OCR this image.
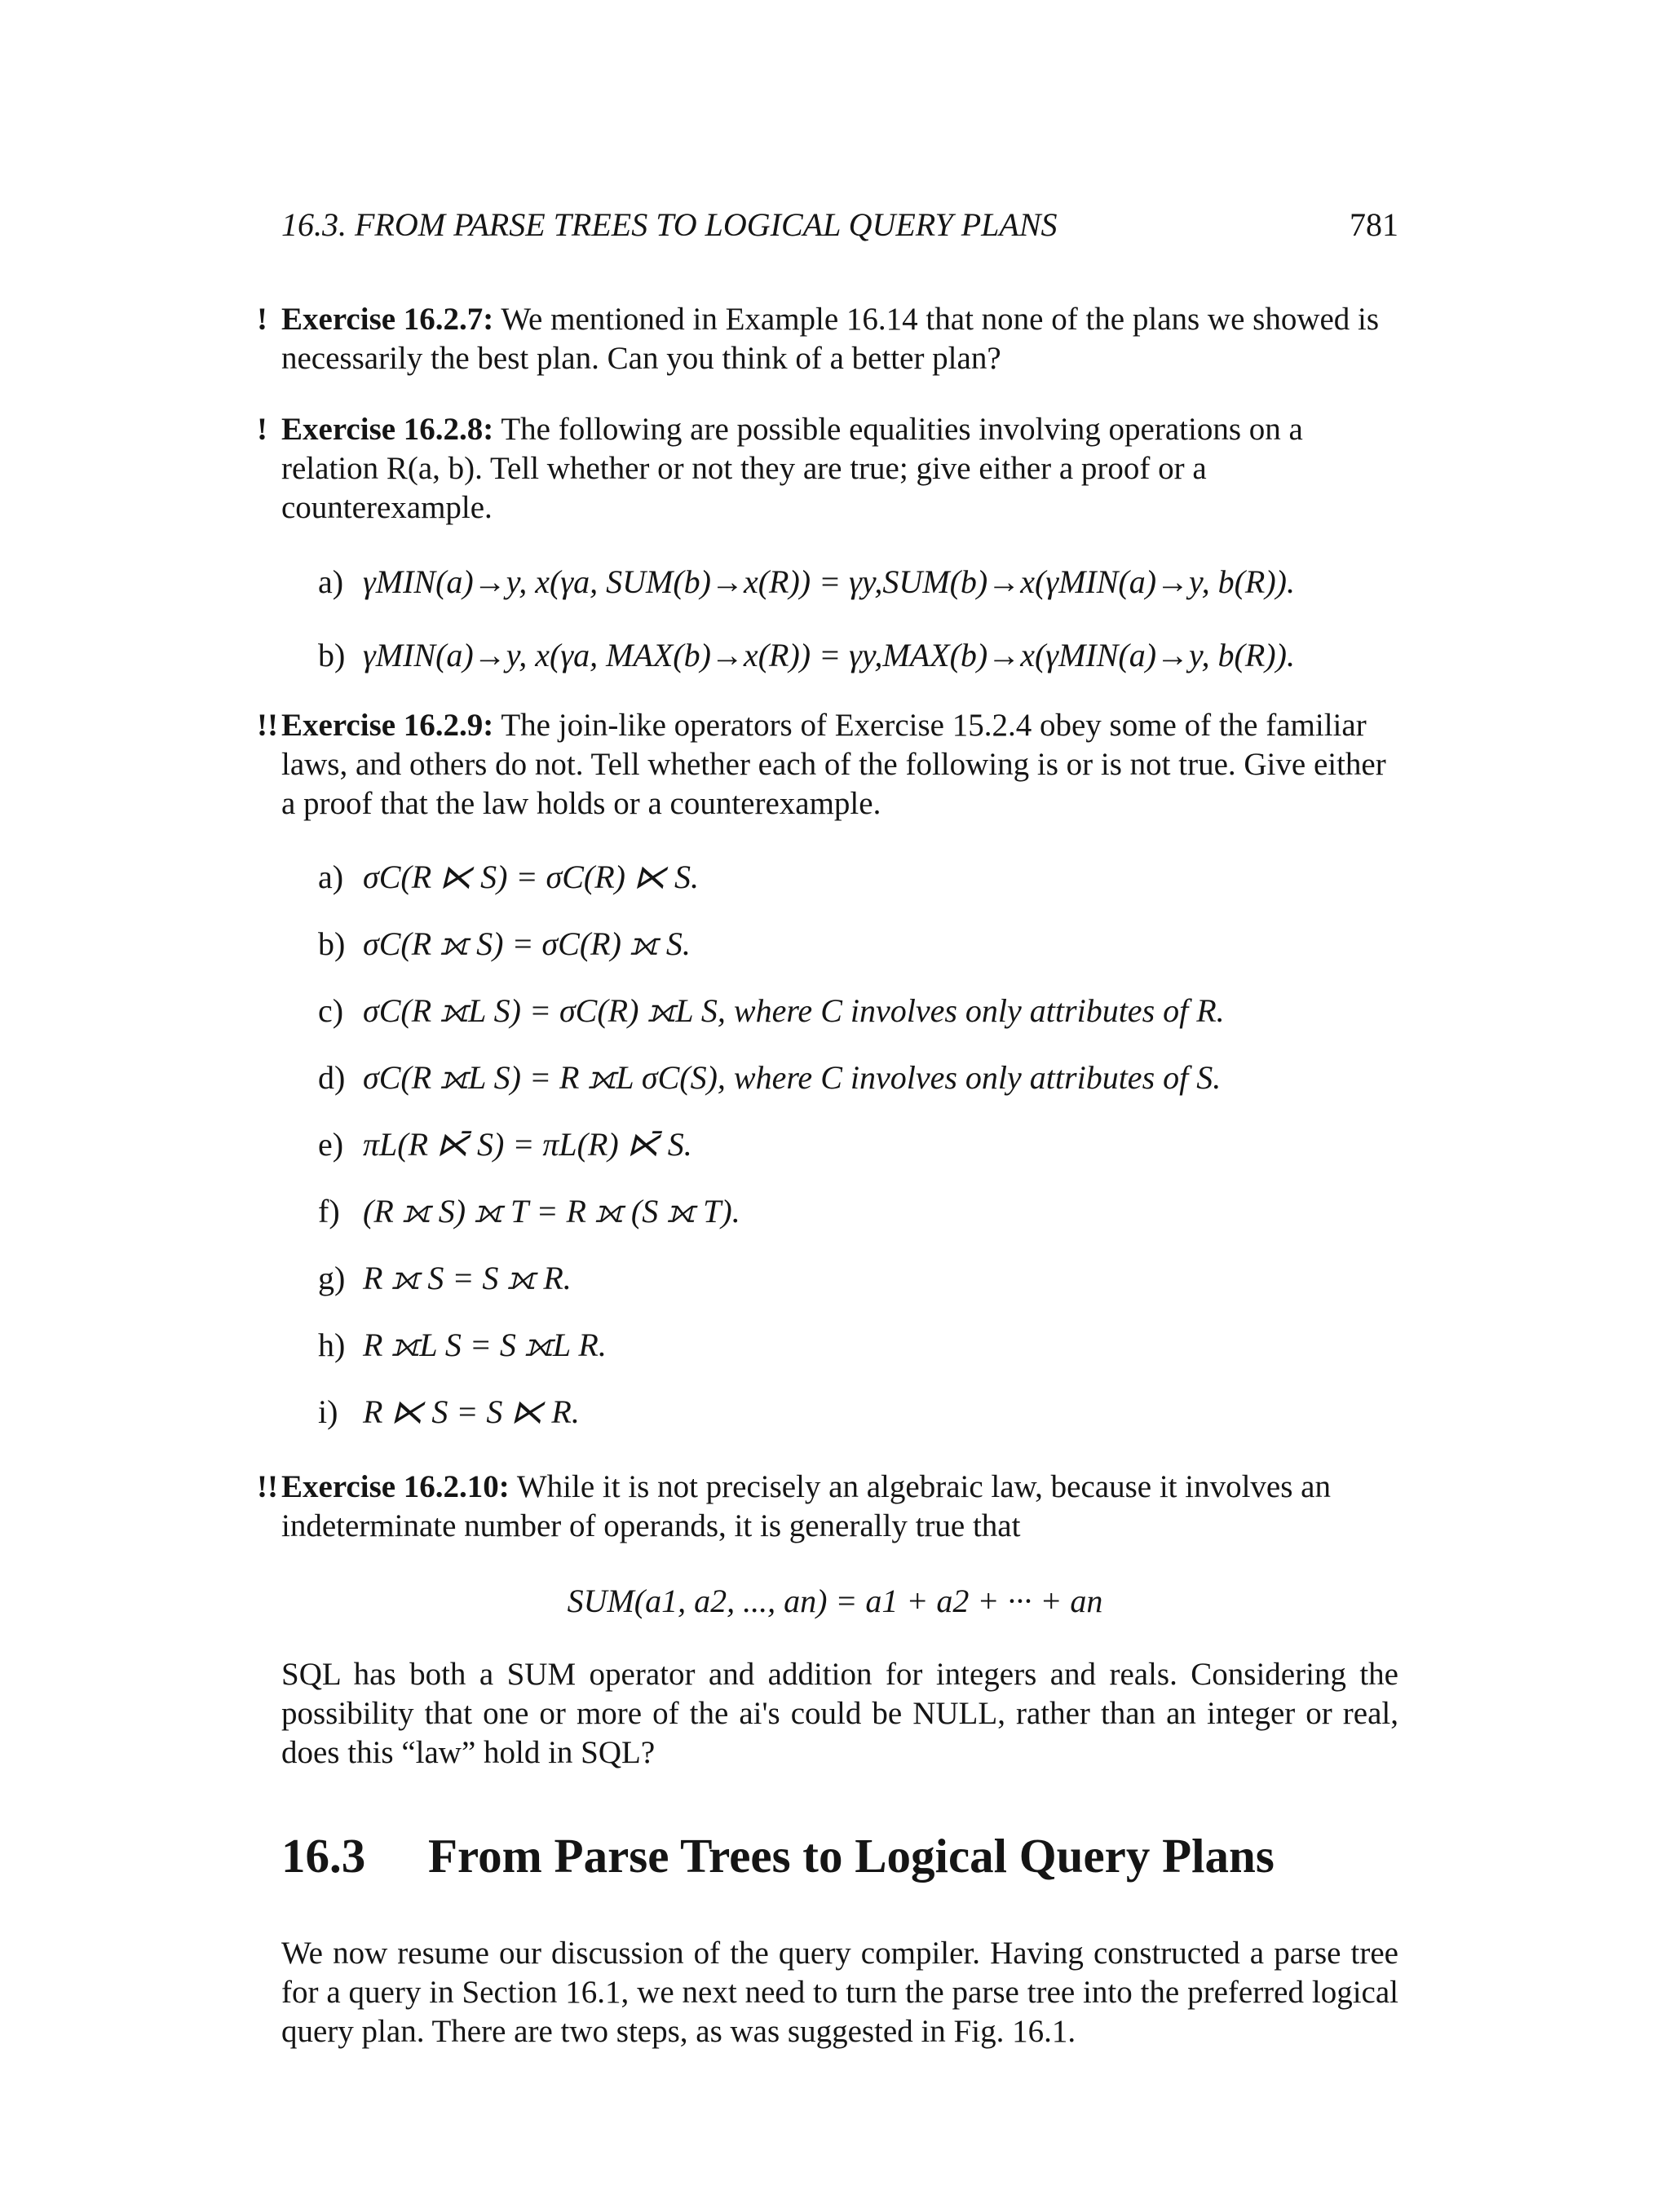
16.3. FROM PARSE TREES TO LOGICAL QUERY PLANS	781
! Exercise 16.2.7: We mentioned in Example 16.14 that none of the plans we showed is necessarily the best plan. Can you think of a better plan?
! Exercise 16.2.8: The following are possible equalities involving operations on a relation R(a, b). Tell whether or not they are true; give either a proof or a counterexample.
a) γMIN(a)→y, x(γa, SUM(b)→x(R)) = γy,SUM(b)→x(γMIN(a)→y, b(R)).
b) γMIN(a)→y, x(γa, MAX(b)→x(R)) = γy,MAX(b)→x(γMIN(a)→y, b(R)).
!! Exercise 16.2.9: The join-like operators of Exercise 15.2.4 obey some of the familiar laws, and others do not. Tell whether each of the following is or is not true. Give either a proof that the law holds or a counterexample.
a) σC(R ⋉ S) = σC(R) ⋉ S.
b) σC(R ⟗ S) = σC(R) ⟗ S.
c) σC(R ⟗L S) = σC(R) ⟗L S, where C involves only attributes of R.
d) σC(R ⟗L S) = R ⟗L σC(S), where C involves only attributes of S.
e) πL(R ⋉̄ S) = πL(R) ⋉̄ S.
f) (R ⟗ S) ⟗ T = R ⟗ (S ⟗ T).
g) R ⟗ S = S ⟗ R.
h) R ⟗L S = S ⟗L R.
i) R ⋉ S = S ⋉ R.
!! Exercise 16.2.10: While it is not precisely an algebraic law, because it involves an indeterminate number of operands, it is generally true that
SUM(a1, a2, ..., an) = a1 + a2 + ··· + an
SQL has both a SUM operator and addition for integers and reals. Considering the possibility that one or more of the ai's could be NULL, rather than an integer or real, does this “law” hold in SQL?
16.3 From Parse Trees to Logical Query Plans
We now resume our discussion of the query compiler. Having constructed a parse tree for a query in Section 16.1, we next need to turn the parse tree into the preferred logical query plan. There are two steps, as was suggested in Fig. 16.1.
